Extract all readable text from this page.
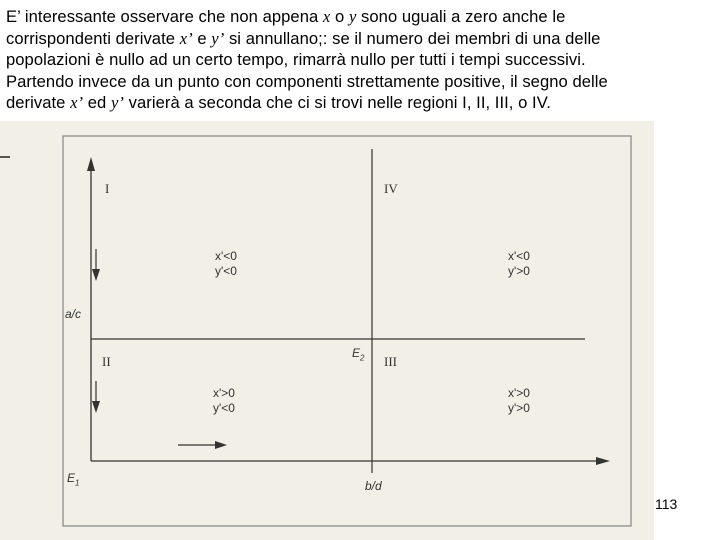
E’ interessante osservare che non appena x o y sono uguali a zero anche le

corrispondenti derivate x’ e y’ si annullano;: se il numero dei membri di una delle

popolazioni è nullo ad un certo tempo, rimarrà nullo per tutti i tempi successivi.

Partendo invece da un punto con componenti strettamente positive, il segno delle

derivate x’ ed y’ varierà a seconda che ci si trovi nelle regioni I, II, III, o IV.

I	IV
II	III
x'<0
y'<0
x'<0
y'>0
x'>0
y'<0
x'>0
y'>0
a/c
b/d
$E_2$
$E_1$
113
